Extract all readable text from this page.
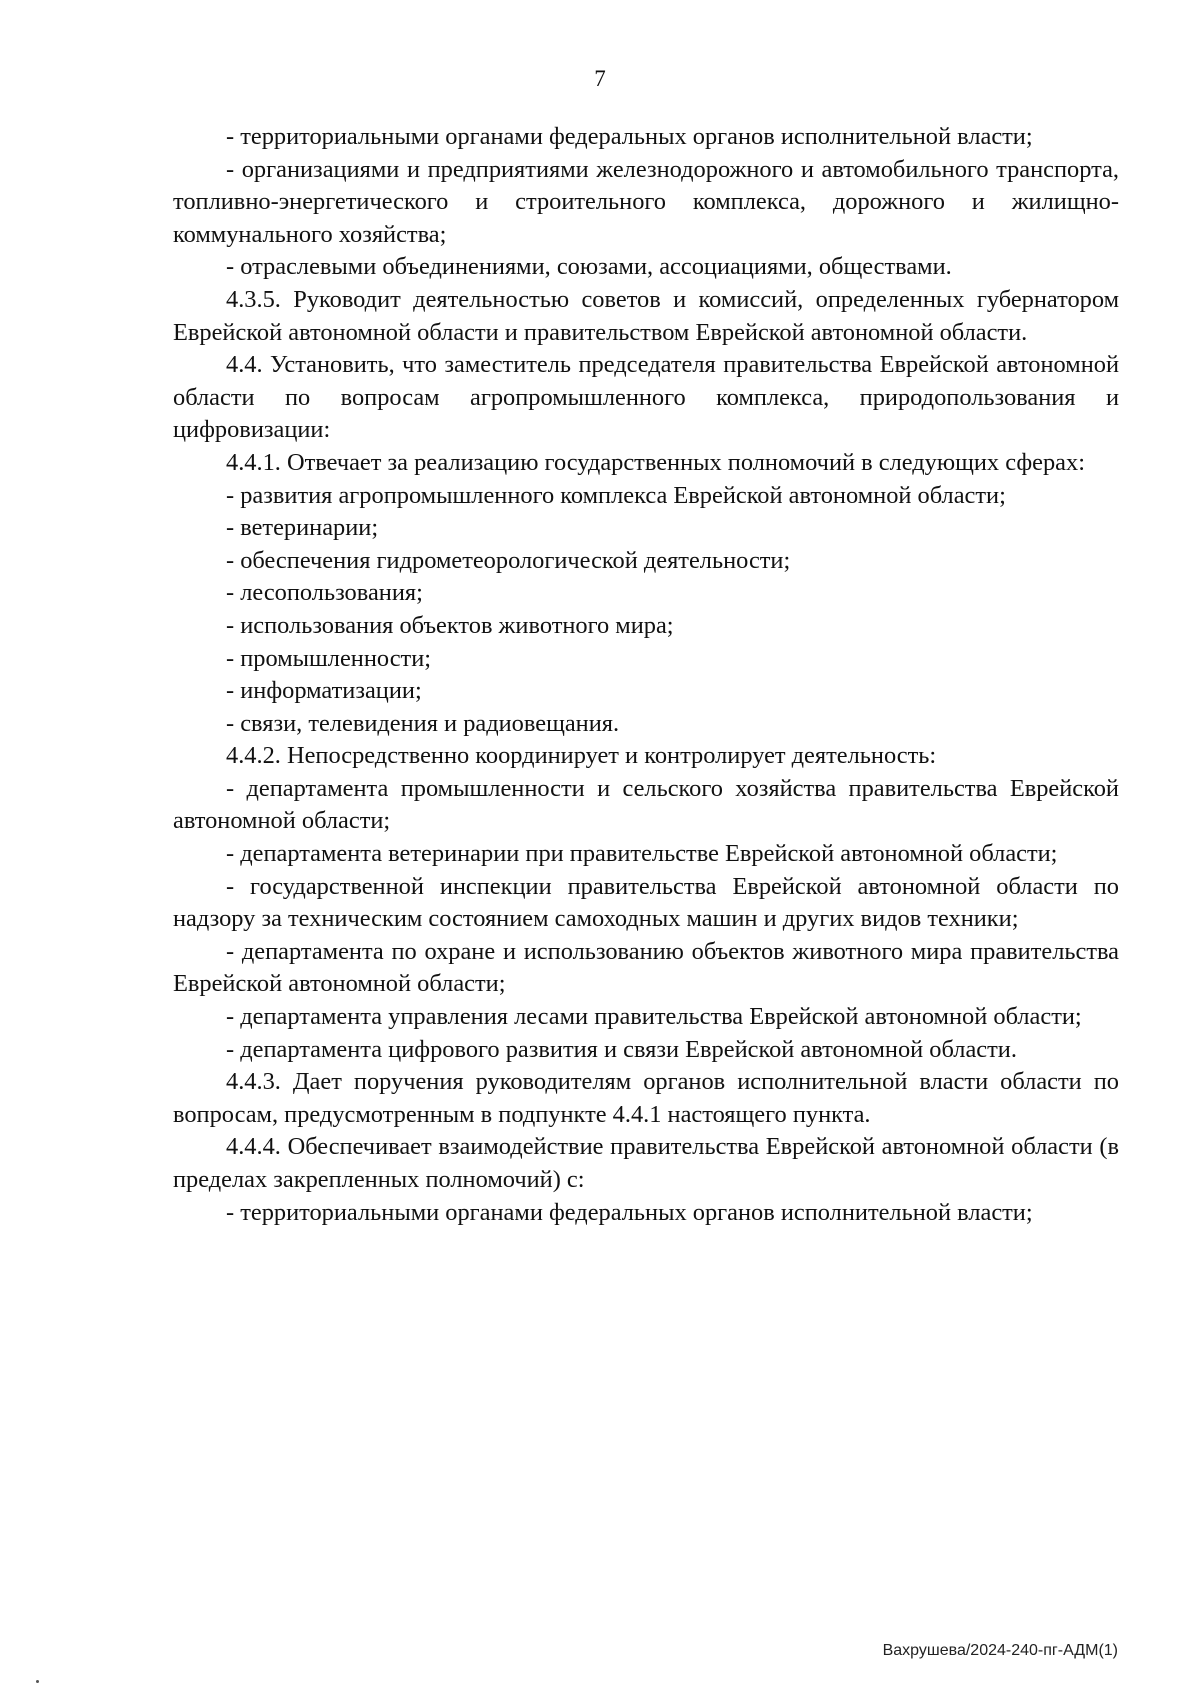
7

- территориальными органами федеральных органов исполнительной власти;

- организациями и предприятиями железнодорожного и автомобильного транспорта, топливно-энергетического и строительного комплекса, дорожного и жилищно-коммунального хозяйства;

- отраслевыми объединениями, союзами, ассоциациями, обществами.

4.3.5. Руководит деятельностью советов и комиссий, определенных губернатором Еврейской автономной области и правительством Еврейской автономной области.

4.4. Установить, что заместитель председателя правительства Еврейской автономной области по вопросам агропромышленного комплекса, природопользования и цифровизации:

4.4.1. Отвечает за реализацию государственных полномочий в следующих сферах:

- развития агропромышленного комплекса Еврейской автономной области;

- ветеринарии;

- обеспечения гидрометеорологической деятельности;

- лесопользования;

- использования объектов животного мира;

- промышленности;

- информатизации;

- связи, телевидения и радиовещания.

4.4.2. Непосредственно координирует и контролирует деятельность:

- департамента промышленности и сельского хозяйства правительства Еврейской автономной области;

- департамента ветеринарии при правительстве Еврейской автономной области;

- государственной инспекции правительства Еврейской автономной области по надзору за техническим состоянием самоходных машин и других видов техники;

- департамента по охране и использованию объектов животного мира правительства Еврейской автономной области;

- департамента управления лесами правительства Еврейской автономной области;

- департамента цифрового развития и связи Еврейской автономной области.

4.4.3. Дает поручения руководителям органов исполнительной власти области по вопросам, предусмотренным в подпункте 4.4.1 настоящего пункта.

4.4.4. Обеспечивает взаимодействие правительства Еврейской автономной области (в пределах закрепленных полномочий) с:

- территориальными органами федеральных органов исполнительной власти;

Вахрушева/2024-240-пг-АДМ(1)
